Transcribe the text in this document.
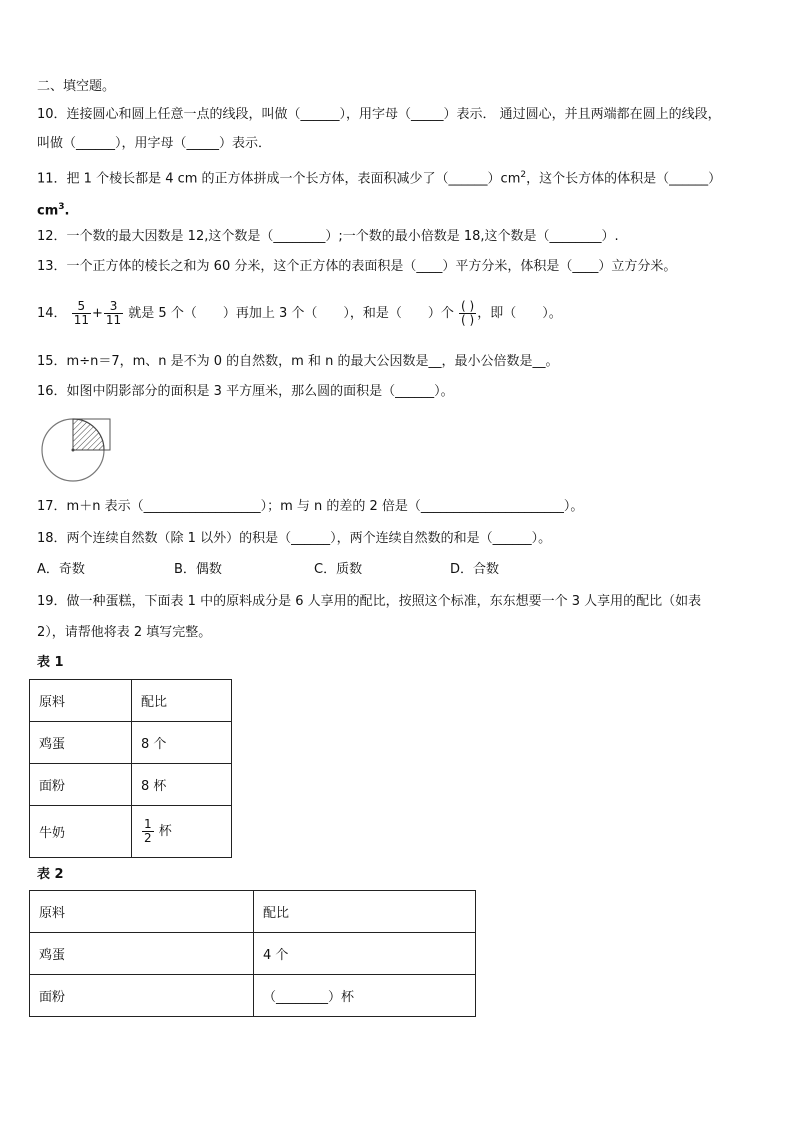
二、填空题。
10．连接圆心和圆上任意一点的线段，叫做（______），用字母（_____）表示． 通过圆心，并且两端都在圆上的线段，
叫做（______），用字母（_____）表示．
11．把 1 个棱长都是 4 cm 的正方体拼成一个长方体，表面积减少了$(\_\_\_\_\_\_)cm^2$，这个长方体的体积是（______）
$cm^3$.
12．一个数的最大因数是 12,这个数是（________）;一个数的最小倍数是 18,这个数是（________）.
13．一个正方体的棱长之和为 60 分米，这个正方体的表面积是（____）平方分米，体积是（____）立方分米。
14． $\frac{5}{11} + \frac{3}{11}$ 就是 5 个（　　）再加上 3 个（　　），和是（　　）个 $\frac{( )}{( )}$ ，即（　　）。
15．m÷n＝7，m、n 是不为 0 的自然数，m 和 n 的最大公因数是__，最小公倍数是__。
16．如图中阴影部分的面积是 3 平方厘米，那么圆的面积是（______）。
17．m＋n 表示（__________________）；m 与 n 的差的 2 倍是（______________________）。
18．两个连续自然数（除 1 以外）的积是（______），两个连续自然数的和是（______）。
A．奇数	B．偶数	C．质数	D．合数
19．做一种蛋糕，下面表 1 中的原料成分是 6 人享用的配比，按照这个标准，东东想要一个 3 人享用的配比（如表
2），请帮他将表 2 填写完整。
表 1
原料	配比
鸡蛋	8 个
面粉	8 杯
牛奶	$\frac{1}{2}$ 杯
表 2
原料	配比
鸡蛋	4 个
面粉	（________）杯
